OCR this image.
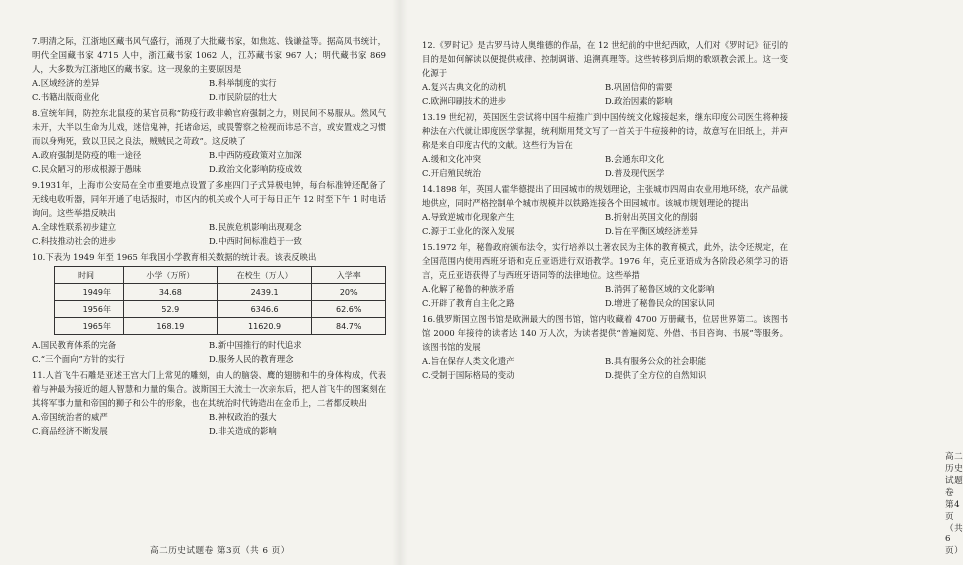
7.明清之际，江浙地区藏书风气盛行，涌现了大批藏书家，如焦竑、钱谦益等。据高凤书统计，明代全国藏书家 4715 人中，浙江藏书家 1062 人，江苏藏书家 967 人；明代藏书家 869 人，大多数为江浙地区的藏书家。这一现象的主要原因是
A.区域经济的差异	B.科举制度的实行
C.书籍出版商业化	D.市民阶层的壮大
8.宣统年间，防控东北鼠疫的某官员称“防疫行政非赖官府强制之力，则民间不易服从。然风气未开，大半以生命为儿戏，迷信鬼神，托诸命运，或畏警察之检视而讳忌不言，或安置戏之习惯而以身殉死，致以卫民之良法，贼贼民之苛政”。这反映了
A.政府强制是防疫的唯一途径	B.中西防疫政策对立加深
C.民众陋习的形成根源于愚昧	D.政治文化影响防疫成效
9.1931年，上海市公安局在全市重要地点设置了多座四门子式异极电钟，每台标准钟还配备了无线电收听器，同年开通了电话报时，市区内的机关或个人可于每日正午 12 时至下午 1 时电话询问。这些举措反映出
A.全球性联系初步建立	B.民族危机影响出现观念
C.科技推动社会的进步	D.中西时间标准趋于一致
10.下表为 1949 年至 1965 年我国小学教育相关数据的统计表。该表反映出
时间	小学（万所）	在校生（万人）	入学率
1949年	34.68	2439.1	20%
1956年	52.9	6346.6	62.6%
1965年	168.19	11620.9	84.7%
A.国民教育体系的完备	B.新中国推行的时代追求
C.“三个面向”方针的实行	D.服务人民的教育理念
11.人首飞牛石雕是亚述王宫大门上常见的雕刻，由人的脑袋、鹰的翅膀和牛的身体构成，代表着与神最为接近的超人智慧和力量的集合。波斯国王大流士一次亲东后，把人首飞牛的图案刻在其将军事力量和帝国的狮子和公牛的形象，也在其统治时代铸造出在金币上，二者都反映出
A.帝国统治者的威严	B.神权政治的强大
C.商品经济不断发展	D.非关造成的影响
高二历史试题卷 第3页（共 6 页）
12.《罗时记》是古罗马诗人奥维德的作品，在 12 世纪前的中世纪西欧，人们对《罗时记》征引的目的是如何解读以便提供戒律、控制调谐、追溯真理等。这些转移到后期的歌颂教会派上。这一变化源于
A.复兴古典文化的动机	B.巩固信仰的需要
C.欧洲印刷技术的进步	D.政治因素的影响
13.19 世纪初，英国医生尝试将中国牛痘推广到中国传统文化嫁接起来，继东印度公司医生将种接种法在六代就让即度医学掌握，统利斯用梵文写了一首关于牛痘接种的诗，故意写在旧纸上，并声称是来自印度古代的文献。这些行为旨在
A.缓和文化冲突	B.会通东印文化
C.开启殖民统治	D.普及现代医学
14.1898 年，英国人霍华德提出了田园城市的规划理论，主张城市四周由农业用地环绕，农产品就地供应，同时严格控制单个城市规模并以铁路连接各个田园城市。该城市规划理论的提出
A.导致逆城市化现象产生	B.折射出英国文化的削弱
C.源于工业化的深入发展	D.旨在平衡区域经济差异
15.1972 年，秘鲁政府颁布法令，实行培养以土著农民为主体的教育模式，此外，法令还规定，在全国范围内使用西班牙语和克丘亚语进行双语教学。1976 年，克丘亚语成为各阶段必须学习的语言，克丘亚语获得了与西班牙语同等的法律地位。这些举措
A.化解了秘鲁的种族矛盾	B.消弭了秘鲁区域的文化影响
C.开辟了教育自主化之路	D.增进了秘鲁民众的国家认同
16.俄罗斯国立图书馆是欧洲最大的图书馆，馆内收藏着 4700 万册藏书，位居世界第二。该图书馆 2000 年接待的读者达 140 万人次，为读者提供“普遍阅览、外借、书目咨询、书展”等服务。该图书馆的发展
A.旨在保存人类文化遗产	B.具有服务公众的社会职能
C.受制于国际格局的变动	D.提供了全方位的自然知识
高二历史试题卷 第4页（共 6 页）
